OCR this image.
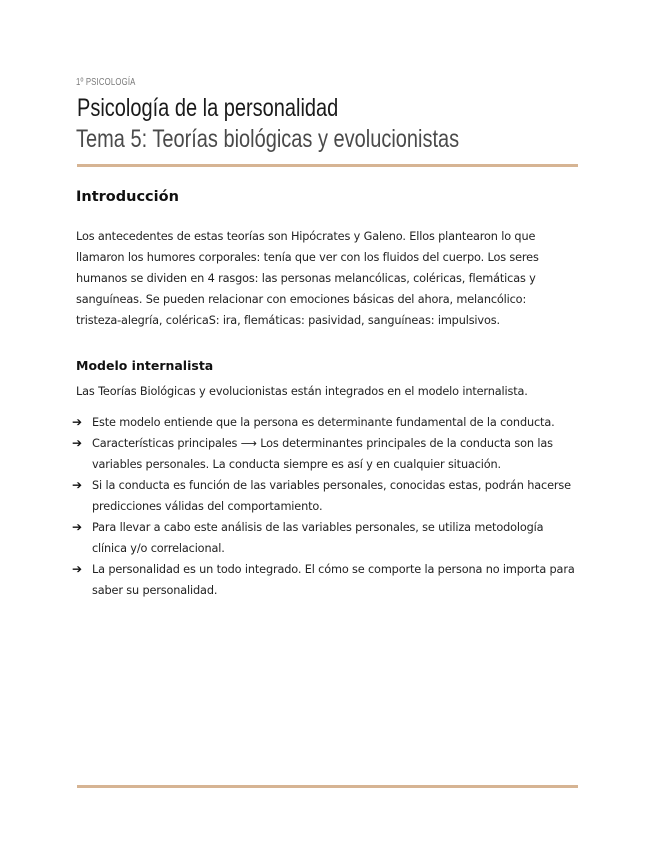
1º PSICOLOGÍA
Psicología de la personalidad
Tema 5: Teorías biológicas y evolucionistas
Introducción
Los antecedentes de estas teorías son Hipócrates y Galeno. Ellos plantearon lo que llamaron los humores corporales: tenía que ver con los fluidos del cuerpo. Los seres humanos se dividen en 4 rasgos: las personas melancólicas, coléricas, flemáticas y sanguíneas. Se pueden relacionar con emociones básicas del ahora, melancólico: tristeza-alegría, coléricaS: ira, flemáticas: pasividad, sanguíneas: impulsivos.
Modelo internalista
Las Teorías Biológicas y evolucionistas están integrados en el modelo internalista.
➔ Este modelo entiende que la persona es determinante fundamental de la conducta.
➔ Características principales ⟶ Los determinantes principales de la conducta son las variables personales. La conducta siempre es así y en cualquier situación.
➔ Si la conducta es función de las variables personales, conocidas estas, podrán hacerse predicciones válidas del comportamiento.
➔ Para llevar a cabo este análisis de las variables personales, se utiliza metodología clínica y/o correlacional.
➔ La personalidad es un todo integrado. El cómo se comporte la persona no importa para saber su personalidad.
